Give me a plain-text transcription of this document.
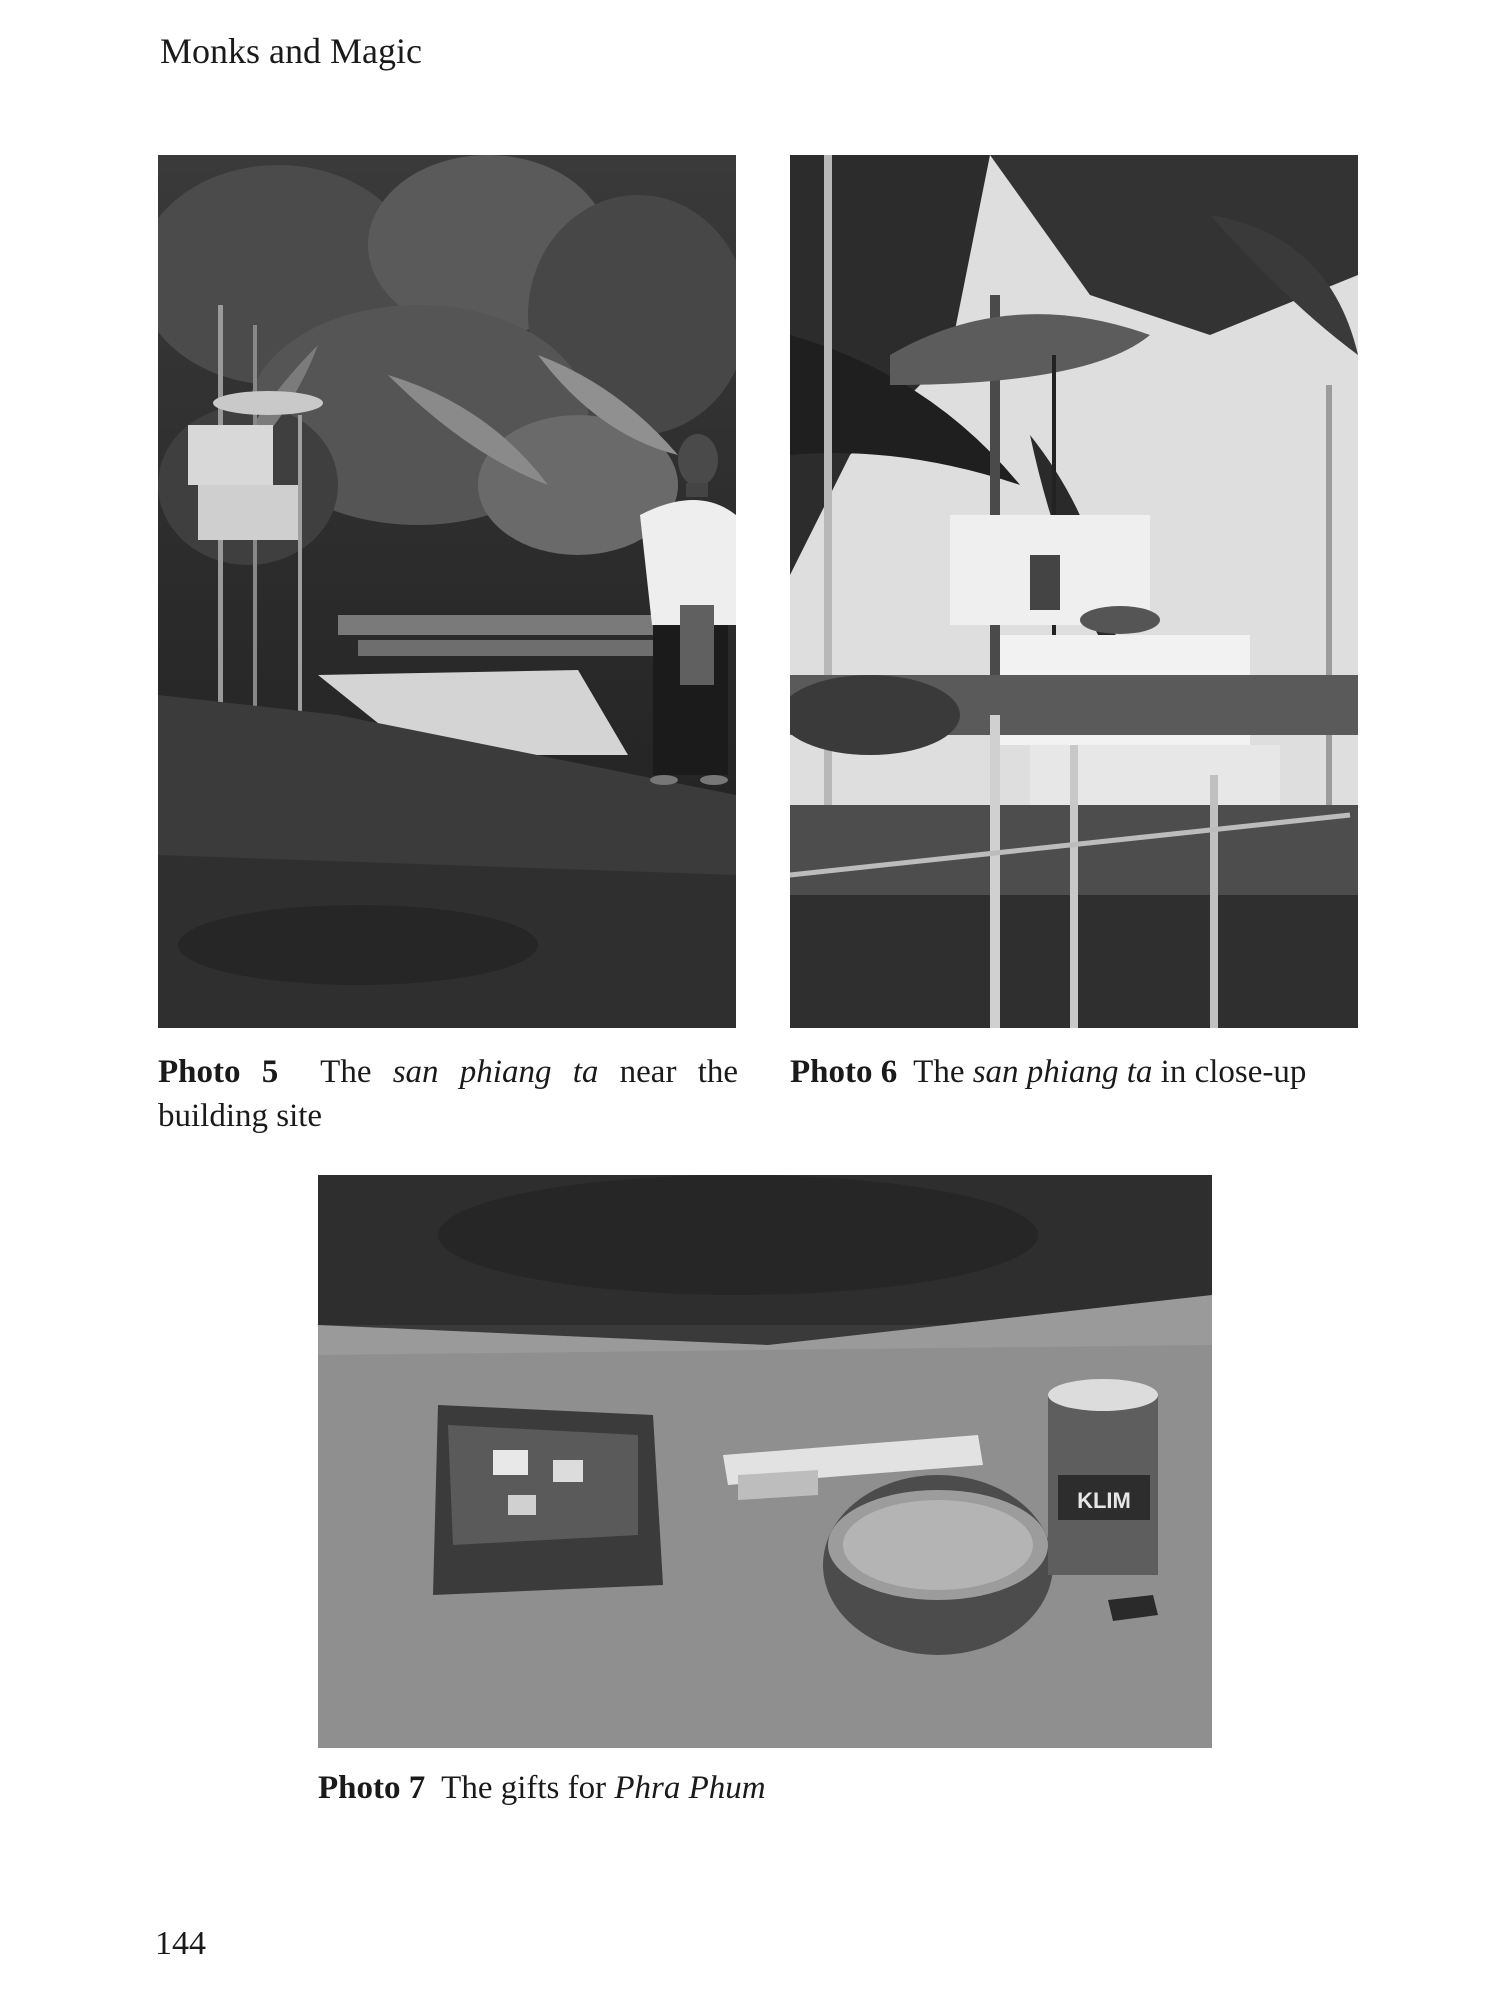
Monks and Magic
KLIM
Photo 5 The san phiang ta near the building site
Photo 6 The san phiang ta in close-up
Photo 7 The gifts for Phra Phum
144
